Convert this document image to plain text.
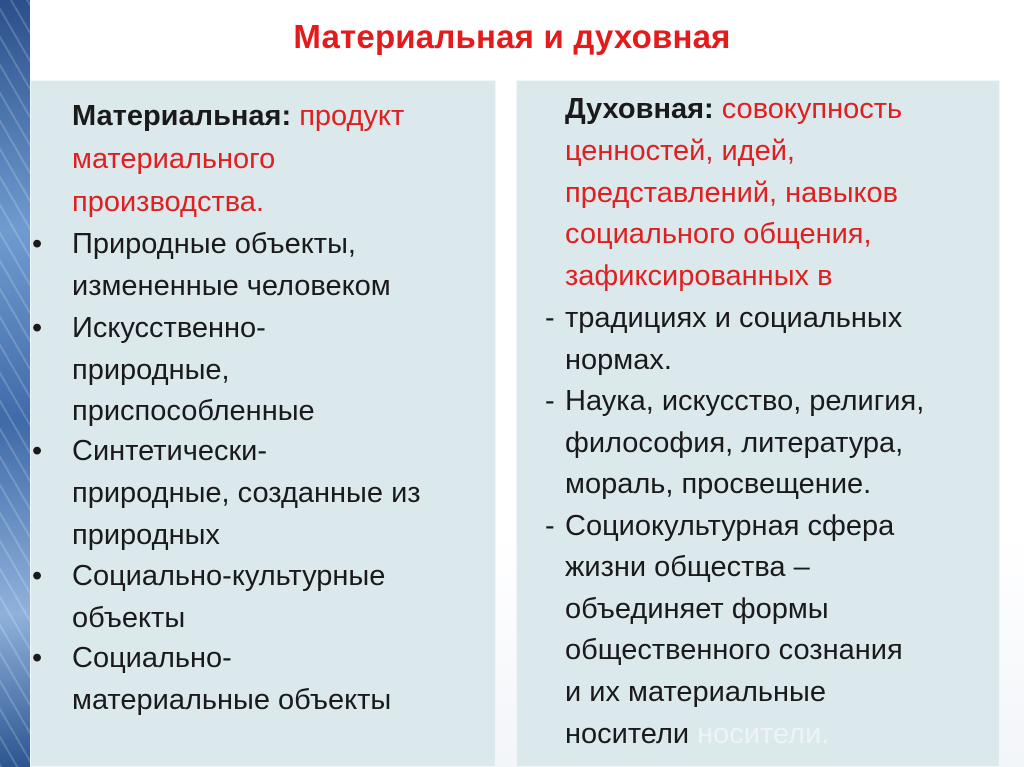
Материальная и духовная
Материальная: продукт
материального
производства.
• Природные объекты,
измененные человеком
• Искусственно-
природные,
приспособленные
• Синтетически-
природные, созданные из
природных
• Социально-культурные
объекты
• Социально-
материальные объекты
Духовная: совокупность
ценностей, идей,
представлений, навыков
социального общения,
зафиксированных в
- традициях и социальных
нормах.
- Наука, искусство, религия,
философия, литература,
мораль, просвещение.
- Социокультурная сфера
жизни общества –
объединяет формы
общественного сознания
и их материальные
носители носители.
